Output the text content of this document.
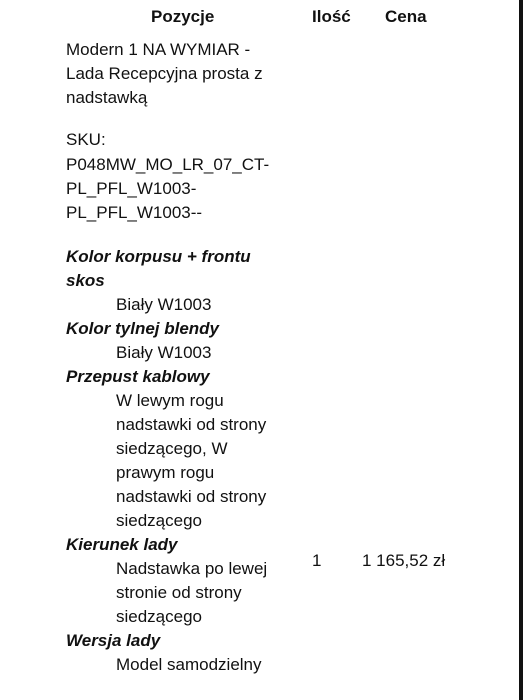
Pozycje	Ilość Cena
Modern 1 NA WYMIAR -
Lada Recepcyjna prosta z
nadstawką
SKU:
P048MW_MO_LR_07_CT-
PL_PFL_W1003-
PL_PFL_W1003--
Kolor korpusu + frontu
skos
Biały W1003
Kolor tylnej blendy
Biały W1003
Przepust kablowy
W lewym rogu
nadstawki od strony
siedzącego, W
prawym rogu
nadstawki od strony
siedzącego
Kierunek lady
Nadstawka po lewej
stronie od strony
siedzącego
Wersja lady
Model samodzielny
1 1 165,52 zł
